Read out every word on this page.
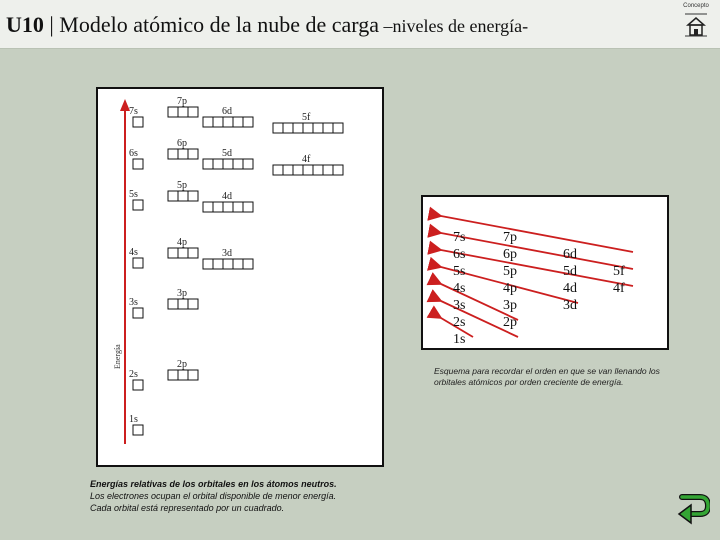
U10 | Modelo atómico de la nube de carga –niveles de energía-
Concepto
Energía
1s
2s
2p
3s
3p
4s
4p
3d
5s
5p
4d
6s
6p
5d
4f
7s
7p
6d
5f
Energías relativas de los orbitales en los átomos neutros.
Los electrones ocupan el orbital disponible de menor energía.
Cada orbital está representado por un cuadrado.
7s	7p
6s	6p	6d
5s	5p	5d	5f
4s	4p	4d	4f
3s	3p	3d
2s	2p
1s
Esquema para recordar el orden en que se van llenando los orbitales atómicos por orden creciente de energía.
